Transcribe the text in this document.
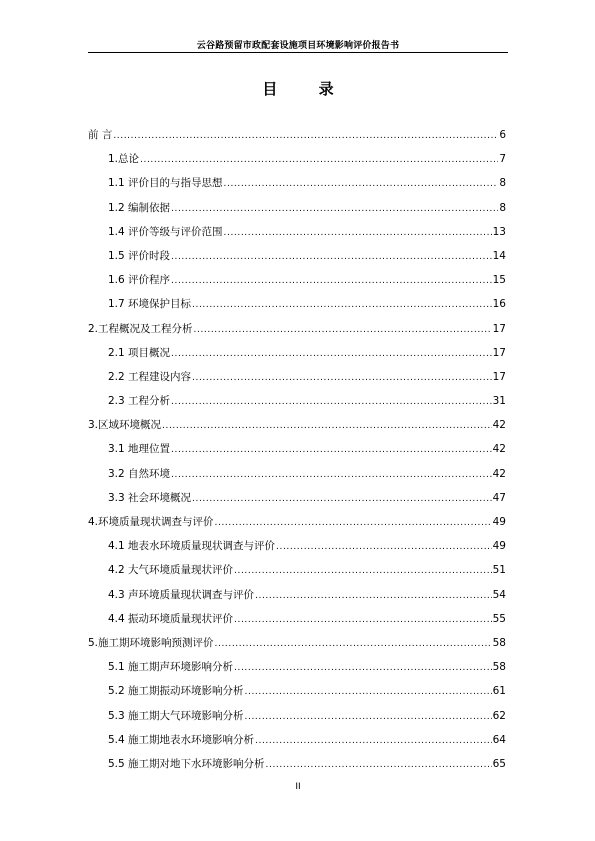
云谷路预留市政配套设施项目环境影响评价报告书
目 录
前 言 .....	6
1.总论 .....	7
1.1 评价目的与指导思想 .....	8
1.2 编制依据 .....	8
1.4 评价等级与评价范围 .....	13
1.5 评价时段 .....	14
1.6 评价程序 .....	15
1.7 环境保护目标 .....	16
2.工程概况及工程分析 .....	17
2.1 项目概况 .....	17
2.2 工程建设内容 .....	17
2.3 工程分析 .....	31
3.区域环境概况 .....	42
3.1 地理位置 .....	42
3.2 自然环境 .....	42
3.3 社会环境概况 .....	47
4.环境质量现状调查与评价 .....	49
4.1 地表水环境质量现状调查与评价 .....	49
4.2 大气环境质量现状评价 .....	51
4.3 声环境质量现状调查与评价 .....	54
4.4 振动环境质量现状评价 .....	55
5.施工期环境影响预测评价 .....	58
5.1 施工期声环境影响分析 .....	58
5.2 施工期振动环境影响分析 .....	61
5.3 施工期大气环境影响分析 .....	62
5.4 施工期地表水环境影响分析 .....	64
5.5 施工期对地下水环境影响分析 .....	65
II
